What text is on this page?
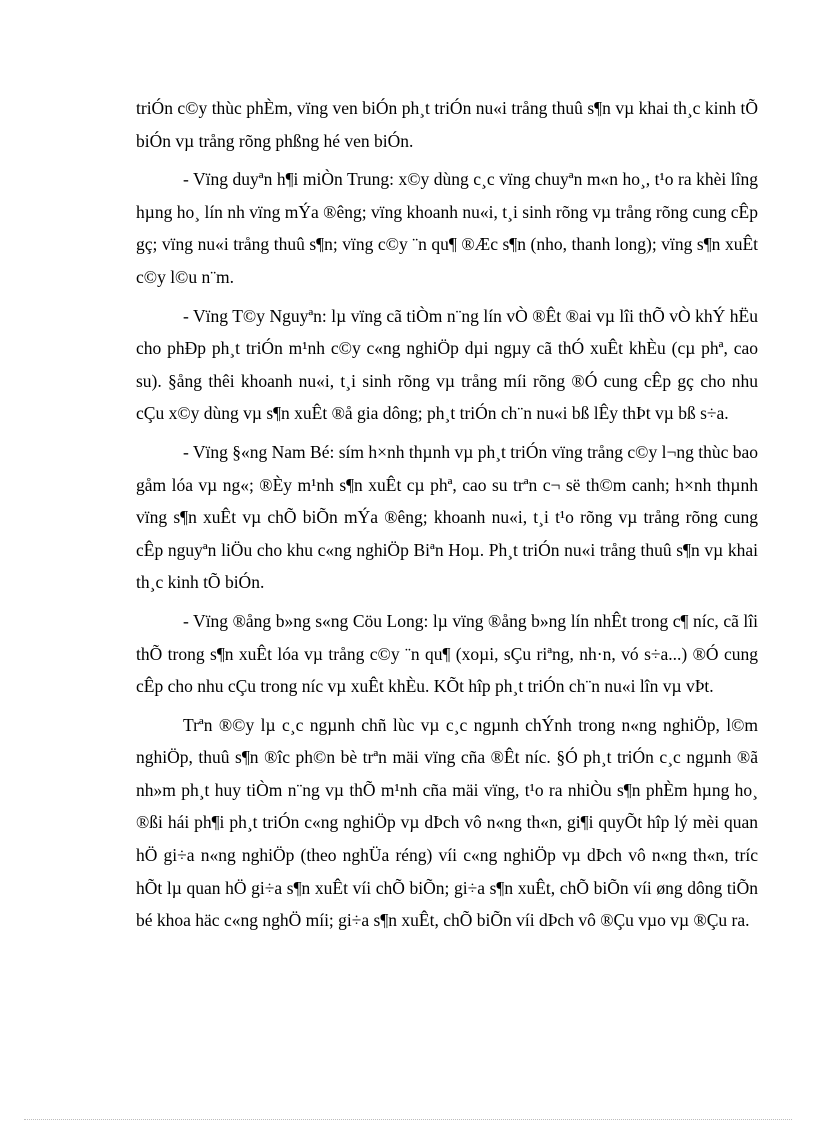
triÓn c©y thùc phÈm, vïng ven biÓn ph¸t triÓn nu«i trång thuû s¶n vµ khai th¸c kinh tÕ biÓn vµ trång rõng phßng hé ven biÓn.

- Vïng duyªn h¶i miÒn Trung: x©y dùng c¸c vïng chuyªn m«n ho¸, t¹o ra khèi lîng hµng ho¸ lín nh vïng mÝa ®êng; vïng khoanh nu«i, t¸i sinh rõng vµ trång rõng cung cÊp gç; vïng nu«i trång thuû s¶n; vïng c©y ¨n qu¶ ®Æc s¶n (nho, thanh long); vïng s¶n xuÊt c©y l©u n¨m.

- Vïng T©y Nguyªn: lµ vïng cã tiÒm n¨ng lín vÒ ®Êt ®ai vµ lîi thÕ vÒ khÝ hËu cho phÐp ph¸t triÓn m¹nh c©y c«ng nghiÖp dµi ngµy cã thÓ xuÊt khÈu (cµ phª, cao su). §ång thêi khoanh nu«i, t¸i sinh rõng vµ trång míi rõng ®Ó cung cÊp gç cho nhu cÇu x©y dùng vµ s¶n xuÊt ®å gia dông; ph¸t triÓn ch¨n nu«i bß lÊy thÞt vµ bß s÷a.

- Vïng §«ng Nam Bé: sím h×nh thµnh vµ ph¸t triÓn vïng trång c©y l¬ng thùc bao gåm lóa vµ ng«; ®Èy m¹nh s¶n xuÊt cµ phª, cao su trªn c¬ së th©m canh; h×nh thµnh vïng s¶n xuÊt vµ chÕ biÕn mÝa ®êng; khoanh nu«i, t¸i t¹o rõng vµ trång rõng cung cÊp nguyªn liÖu cho khu c«ng nghiÖp Biªn Hoµ. Ph¸t triÓn nu«i trång thuû s¶n vµ khai th¸c kinh tÕ biÓn.

- Vïng ®ång b»ng s«ng Cöu Long: lµ vïng ®ång b»ng lín nhÊt trong c¶ níc, cã lîi thÕ trong s¶n xuÊt lóa vµ trång c©y ¨n qu¶ (xoµi, sÇu riªng, nh·n, vó s÷a...) ®Ó cung cÊp cho nhu cÇu trong níc vµ xuÊt khÈu. KÕt hîp ph¸t triÓn ch¨n nu«i lîn vµ vÞt.

Trªn ®©y lµ c¸c ngµnh chñ lùc vµ c¸c ngµnh chÝnh trong n«ng nghiÖp, l©m nghiÖp, thuû s¶n ®îc ph©n bè trªn mäi vïng cña ®Êt níc. §Ó ph¸t triÓn c¸c ngµnh ®ã nh»m ph¸t huy tiÒm n¨ng vµ thÕ m¹nh cña mäi vïng, t¹o ra nhiÒu s¶n phÈm hµng ho¸ ®ßi hái ph¶i ph¸t triÓn c«ng nghiÖp vµ dÞch vô n«ng th«n, gi¶i quyÕt hîp lý mèi quan hÖ gi÷a n«ng nghiÖp (theo nghÜa réng) víi c«ng nghiÖp vµ dÞch vô n«ng th«n, tríc hÕt lµ quan hÖ gi÷a s¶n xuÊt víi chÕ biÕn; gi÷a s¶n xuÊt, chÕ biÕn víi øng dông tiÕn bé khoa häc c«ng nghÖ míi; gi÷a s¶n xuÊt, chÕ biÕn víi dÞch vô ®Çu vµo vµ ®Çu ra.
